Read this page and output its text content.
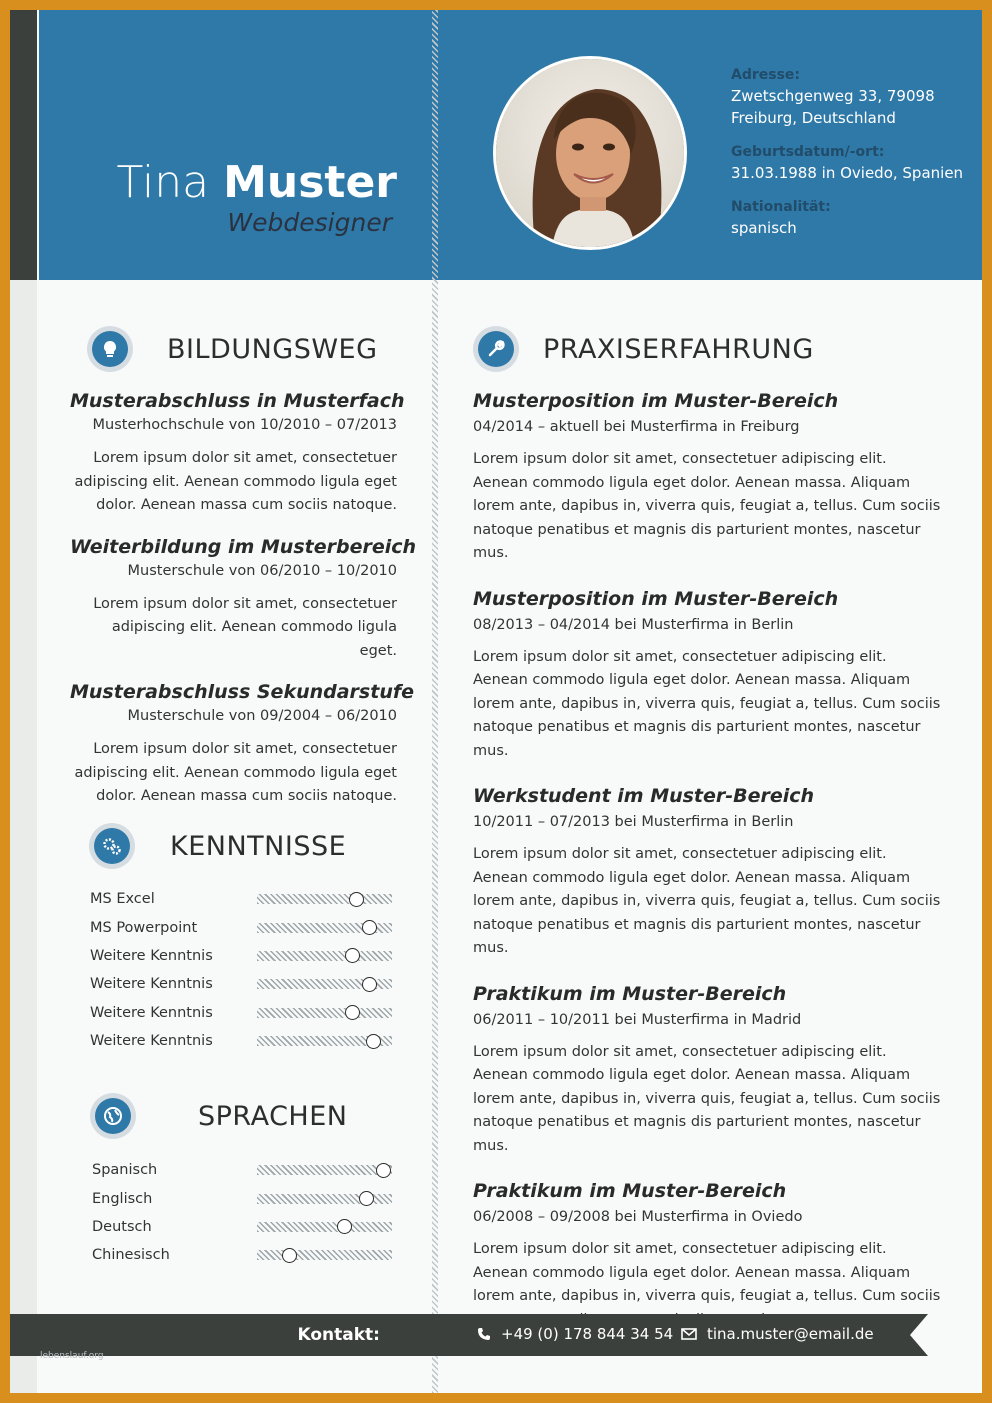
Tina Muster
Webdesigner
Adresse:
Zwetschgenweg 33, 79098 Freiburg, Deutschland
Geburtsdatum/-ort:
31.03.1988 in Oviedo, Spanien
Nationalität:
spanisch
BILDUNGSWEG
Musterabschluss in Musterfach
Musterhochschule von 10/2010 – 07/2013
Lorem ipsum dolor sit amet, consectetuer adipiscing elit. Aenean commodo ligula eget dolor. Aenean massa cum sociis natoque.
Weiterbildung im Musterbereich
Musterschule von 06/2010 – 10/2010
Lorem ipsum dolor sit amet, consectetuer adipiscing elit. Aenean commodo ligula eget.
Musterabschluss Sekundarstufe
Musterschule von 09/2004 – 06/2010
Lorem ipsum dolor sit amet, consectetuer adipiscing elit. Aenean commodo ligula eget dolor. Aenean massa cum sociis natoque.
KENNTNISSE
MS Excel
MS Powerpoint
Weitere Kenntnis
Weitere Kenntnis
Weitere Kenntnis
Weitere Kenntnis
SPRACHEN
Spanisch
Englisch
Deutsch
Chinesisch
PRAXISERFAHRUNG
Musterposition im Muster-Bereich
04/2014 – aktuell bei Musterfirma in Freiburg
Lorem ipsum dolor sit amet, consectetuer adipiscing elit. Aenean commodo ligula eget dolor. Aenean massa. Aliquam lorem ante, dapibus in, viverra quis, feugiat a, tellus. Cum sociis natoque penatibus et magnis dis parturient montes, nascetur mus.
Musterposition im Muster-Bereich
08/2013 – 04/2014 bei Musterfirma in Berlin
Lorem ipsum dolor sit amet, consectetuer adipiscing elit. Aenean commodo ligula eget dolor. Aenean massa. Aliquam lorem ante, dapibus in, viverra quis, feugiat a, tellus. Cum sociis natoque penatibus et magnis dis parturient montes, nascetur mus.
Werkstudent im Muster-Bereich
10/2011 – 07/2013 bei Musterfirma in Berlin
Lorem ipsum dolor sit amet, consectetuer adipiscing elit. Aenean commodo ligula eget dolor. Aenean massa. Aliquam lorem ante, dapibus in, viverra quis, feugiat a, tellus. Cum sociis natoque penatibus et magnis dis parturient montes, nascetur mus.
Praktikum im Muster-Bereich
06/2011 – 10/2011 bei Musterfirma in Madrid
Lorem ipsum dolor sit amet, consectetuer adipiscing elit. Aenean commodo ligula eget dolor. Aenean massa. Aliquam lorem ante, dapibus in, viverra quis, feugiat a, tellus. Cum sociis natoque penatibus et magnis dis parturient montes, nascetur mus.
Praktikum im Muster-Bereich
06/2008 – 09/2008 bei Musterfirma in Oviedo
Lorem ipsum dolor sit amet, consectetuer adipiscing elit. Aenean commodo ligula eget dolor. Aenean massa. Aliquam lorem ante, dapibus in, viverra quis, feugiat a, tellus. Cum sociis
Kontakt:	+49 (0) 178 844 34 54 tina.muster@email.de
lebenslauf.org
